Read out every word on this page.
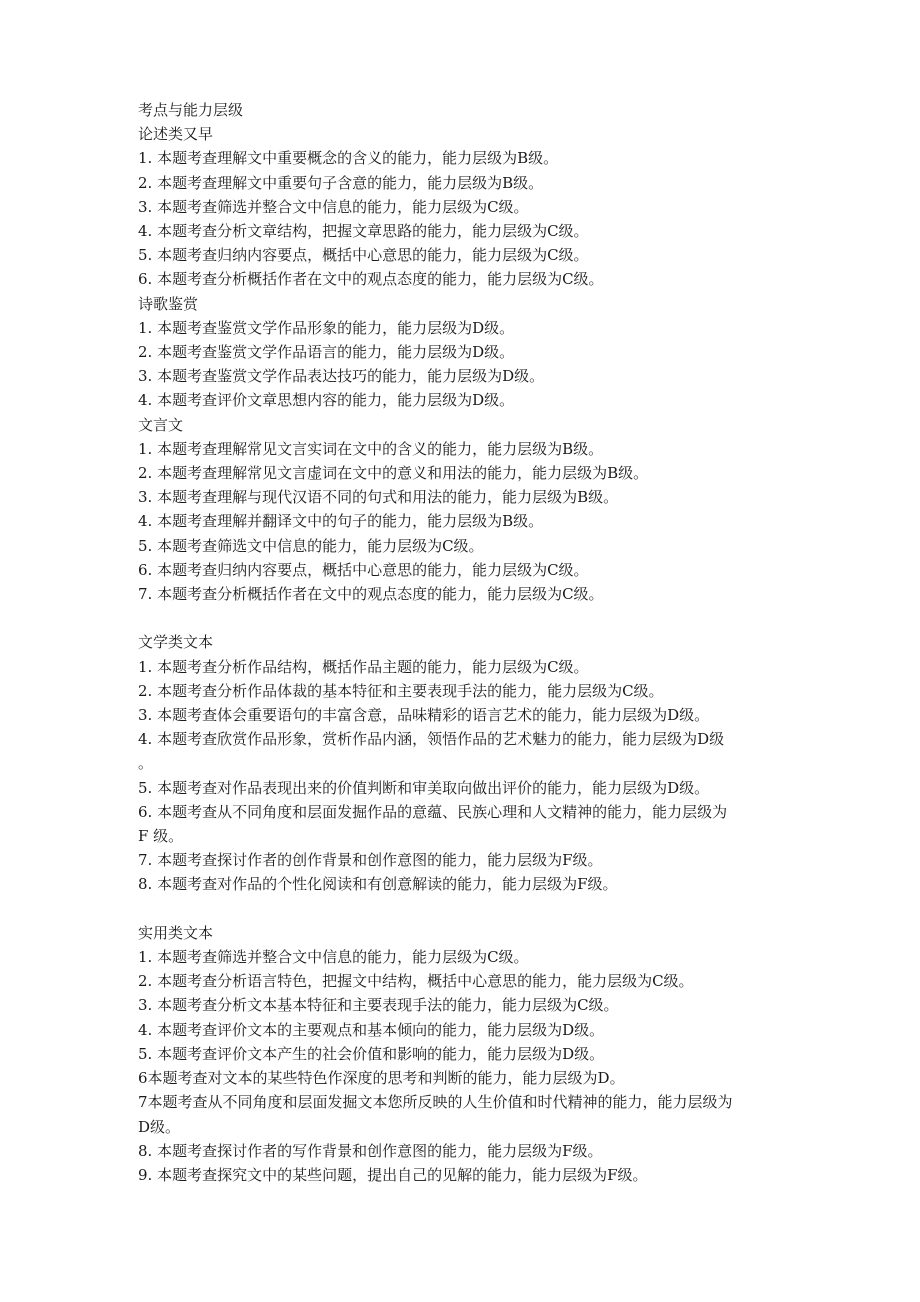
考点与能力层级

论述类又早

1. 本题考查理解文中重要概念的含义的能力，能力层级为B级。
2. 本题考查理解文中重要句子含意的能力，能力层级为B级。
3. 本题考查筛选并整合文中信息的能力，能力层级为C级。
4. 本题考查分析文章结构，把握文章思路的能力，能力层级为C级。
5. 本题考查归纳内容要点，概括中心意思的能力，能力层级为C级。
6. 本题考查分析概括作者在文中的观点态度的能力，能力层级为C级。

诗歌鉴赏

1. 本题考查鉴赏文学作品形象的能力，能力层级为D级。
2. 本题考查鉴赏文学作品语言的能力，能力层级为D级。
3. 本题考查鉴赏文学作品表达技巧的能力，能力层级为D级。
4. 本题考查评价文章思想内容的能力，能力层级为D级。

文言文

1. 本题考查理解常见文言实词在文中的含义的能力，能力层级为B级。
2. 本题考查理解常见文言虚词在文中的意义和用法的能力，能力层级为B级。
3. 本题考查理解与现代汉语不同的句式和用法的能力，能力层级为B级。
4. 本题考查理解并翻译文中的句子的能力，能力层级为B级。
5. 本题考查筛选文中信息的能力，能力层级为C级。
6. 本题考查归纳内容要点，概括中心意思的能力，能力层级为C级。
7. 本题考查分析概括作者在文中的观点态度的能力，能力层级为C级。

文学类文本

1. 本题考查分析作品结构，概括作品主题的能力，能力层级为C级。
2. 本题考查分析作品体裁的基本特征和主要表现手法的能力，能力层级为C级。
3. 本题考查体会重要语句的丰富含意，品味精彩的语言艺术的能力，能力层级为D级。
4. 本题考查欣赏作品形象，赏析作品内涵，领悟作品的艺术魅力的能力，能力层级为D级
。
5. 本题考查对作品表现出来的价值判断和审美取向做出评价的能力，能力层级为D级。
6. 本题考查从不同角度和层面发掘作品的意蕴、民族心理和人文精神的能力，能力层级为
F 级。
7. 本题考查探讨作者的创作背景和创作意图的能力，能力层级为F级。
8. 本题考查对作品的个性化阅读和有创意解读的能力，能力层级为F级。

实用类文本

1. 本题考查筛选并整合文中信息的能力，能力层级为C级。
2. 本题考查分析语言特色，把握文中结构，概括中心意思的能力，能力层级为C级。
3. 本题考查分析文本基本特征和主要表现手法的能力，能力层级为C级。
4. 本题考查评价文本的主要观点和基本倾向的能力，能力层级为D级。
5. 本题考查评价文本产生的社会价值和影响的能力，能力层级为D级。
6本题考查对文本的某些特色作深度的思考和判断的能力，能力层级为D。
7本题考查从不同角度和层面发掘文本您所反映的人生价值和时代精神的能力，能力层级为
D级。
8. 本题考查探讨作者的写作背景和创作意图的能力，能力层级为F级。
9. 本题考查探究文中的某些问题，提出自己的见解的能力，能力层级为F级。
